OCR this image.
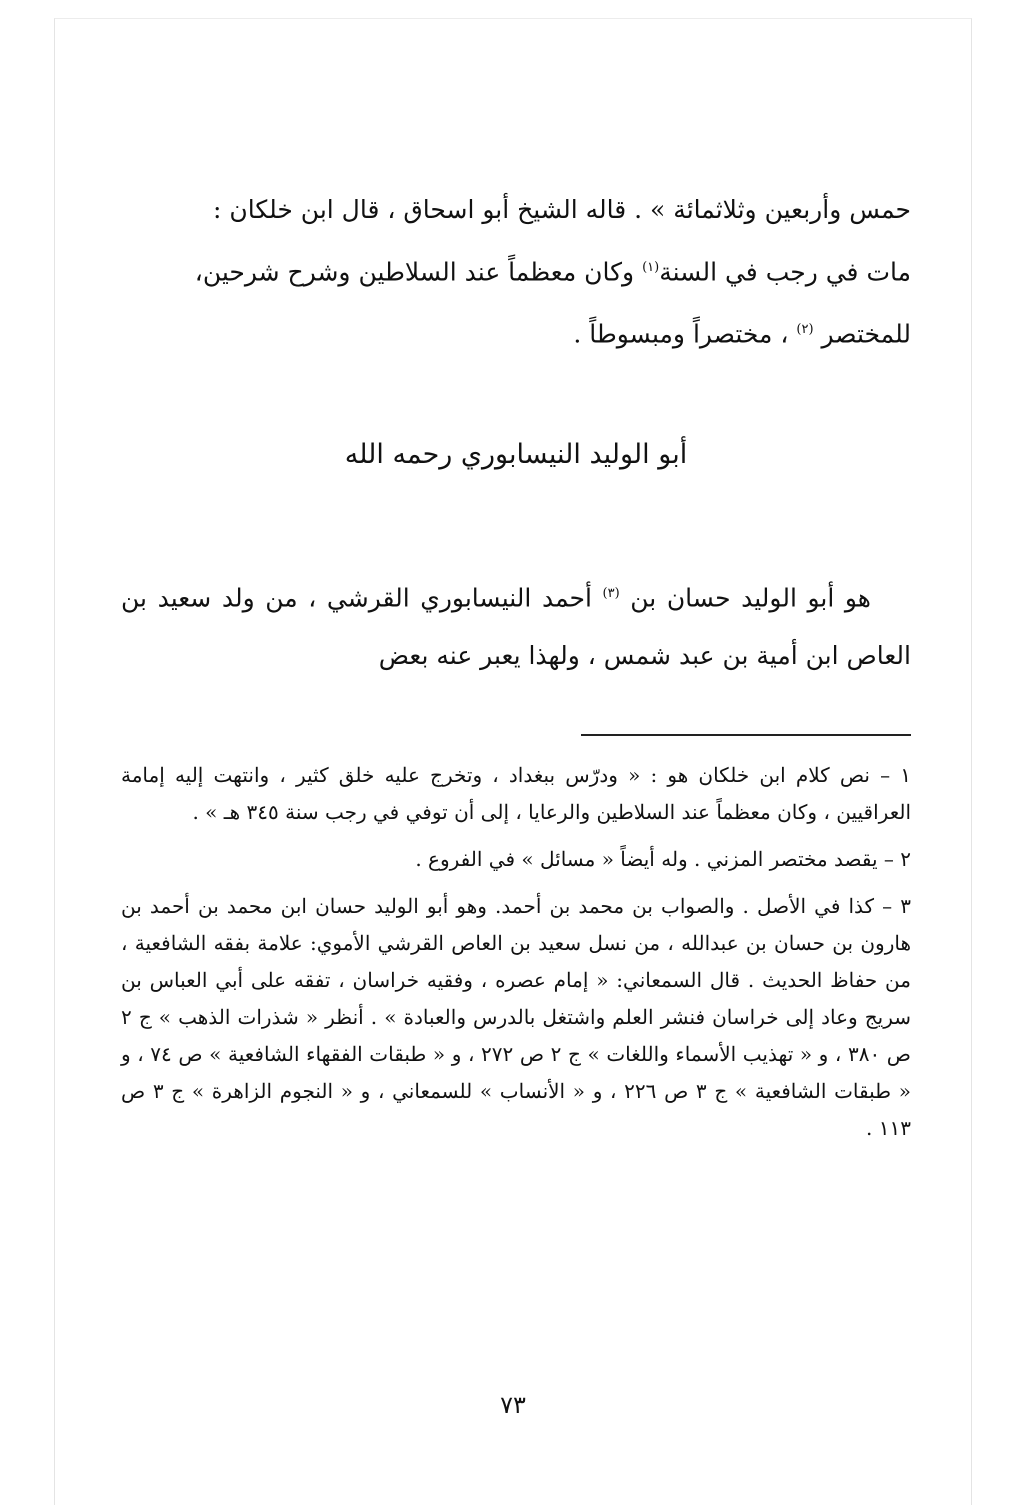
حمس وأربعين وثلاثمائة » . قاله الشيخ أبو اسحاق ، قال ابن خلكان :

مات في رجب في السنة$^{(١)}$ وكان معظماً عند السلاطين وشرح شرحين،

للمختصر $^{(٢)}$ ، مختصراً ومبسوطاً .

أبو الوليد النيسابوري رحمه الله

هو أبو الوليد حسان بن $^{(٣)}$ أحمد النيسابوري القرشي ، من ولد سعيد بن العاص ابن أمية بن عبد شمس ، ولهذا يعبر عنه بعض

١ – نص كلام ابن خلكان هو : « ودرّس ببغداد ، وتخرج عليه خلق كثير ، وانتهت إليه إمامة العراقيين ، وكان معظماً عند السلاطين والرعايا ، إلى أن توفي في رجب سنة ٣٤٥ هـ » .

٢ – يقصد مختصر المزني . وله أيضاً « مسائل » في الفروع .

٣ – كذا في الأصل . والصواب بن محمد بن أحمد. وهو أبو الوليد حسان ابن محمد بن أحمد بن هارون بن حسان بن عبدالله ، من نسل سعيد بن العاص القرشي الأموي: علامة بفقه الشافعية ، من حفاظ الحديث . قال السمعاني: « إمام عصره ، وفقيه خراسان ، تفقه على أبي العباس بن سريج وعاد إلى خراسان فنشر العلم واشتغل بالدرس والعبادة » . أنظر « شذرات الذهب » ج ٢ ص ٣٨٠ ، و « تهذيب الأسماء واللغات » ج ٢ ص ٢٧٢ ، و « طبقات الفقهاء الشافعية » ص ٧٤ ، و « طبقات الشافعية » ج ٣ ص ٢٢٦ ، و « الأنساب » للسمعاني ، و « النجوم الزاهرة » ج ٣ ص ١١٣ .

٧٣
